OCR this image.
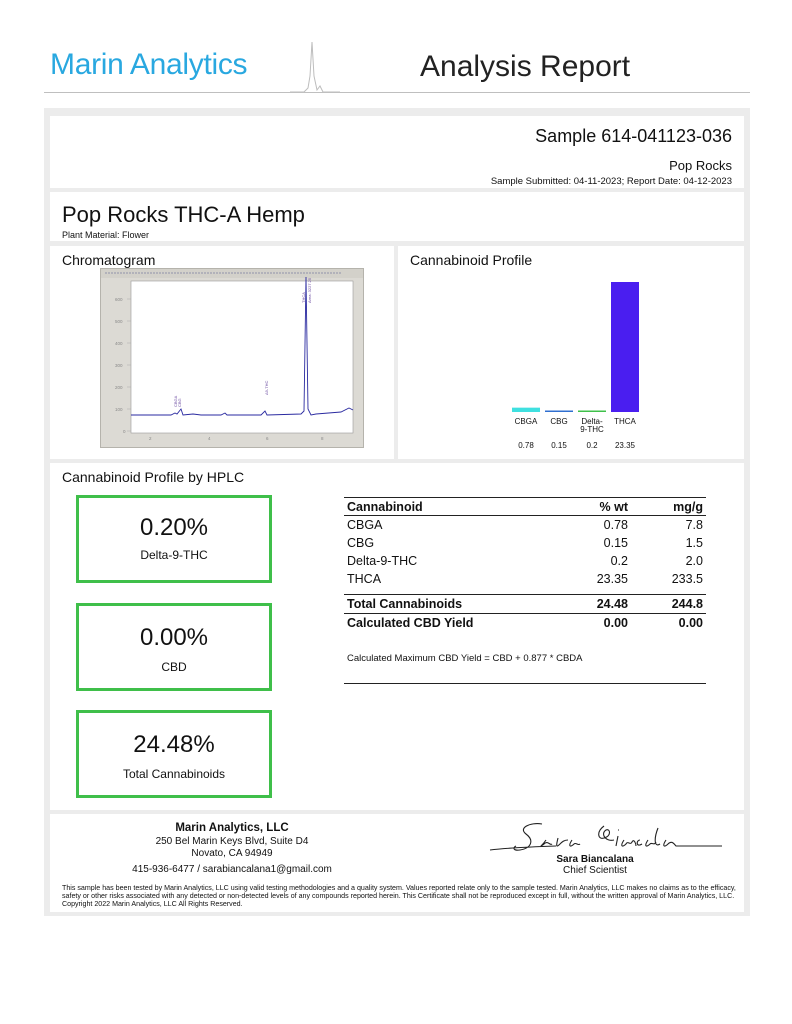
Marin Analytics	Analysis Report
Sample 614-041123-036
Pop Rocks
Sample Submitted: 04-11-2023; Report Date: 04-12-2023
Pop Rocks THC-A Hemp
Plant Material: Flower
Chromatogram
600
500
400
300
200
100
0
2	4	6	8
CBGA CBG
Δ9-THC
THCA Area: 3227.25
Cannabinoid Profile
CBGA
0.78
CBG
0.15
Delta-
9-THC
0.2
THCA
23.35
Cannabinoid Profile by HPLC
0.20%
Delta-9-THC
0.00%
CBD
24.48%
Total Cannabinoids
Cannabinoid	% wt	mg/g
CBGA	0.78	7.8
CBG	0.15	1.5
Delta-9-THC	0.2	2.0
THCA	23.35	233.5
Total Cannabinoids	24.48	244.8
Calculated CBD Yield	0.00	0.00
Calculated Maximum CBD Yield = CBD + 0.877 * CBDA
Marin Analytics, LLC
250 Bel Marin Keys Blvd, Suite D4
Novato, CA 94949
415-936-6477 / sarabiancalana1@gmail.com
Sara Biancalana
Chief Scientist
This sample has been tested by Marin Analytics, LLC using valid testing methodologies and a quality system. Values reported relate only to the sample tested. Marin Analytics, LLC makes no claims as to the efficacy, safety or other risks associated with any detected or non-detected levels of any compounds reported herein. This Certificate shall not be reproduced except in full, without the written approval of Marin Analytics, LLC. Copyright 2022 Marin Analytics, LLC All Rights Reserved.
